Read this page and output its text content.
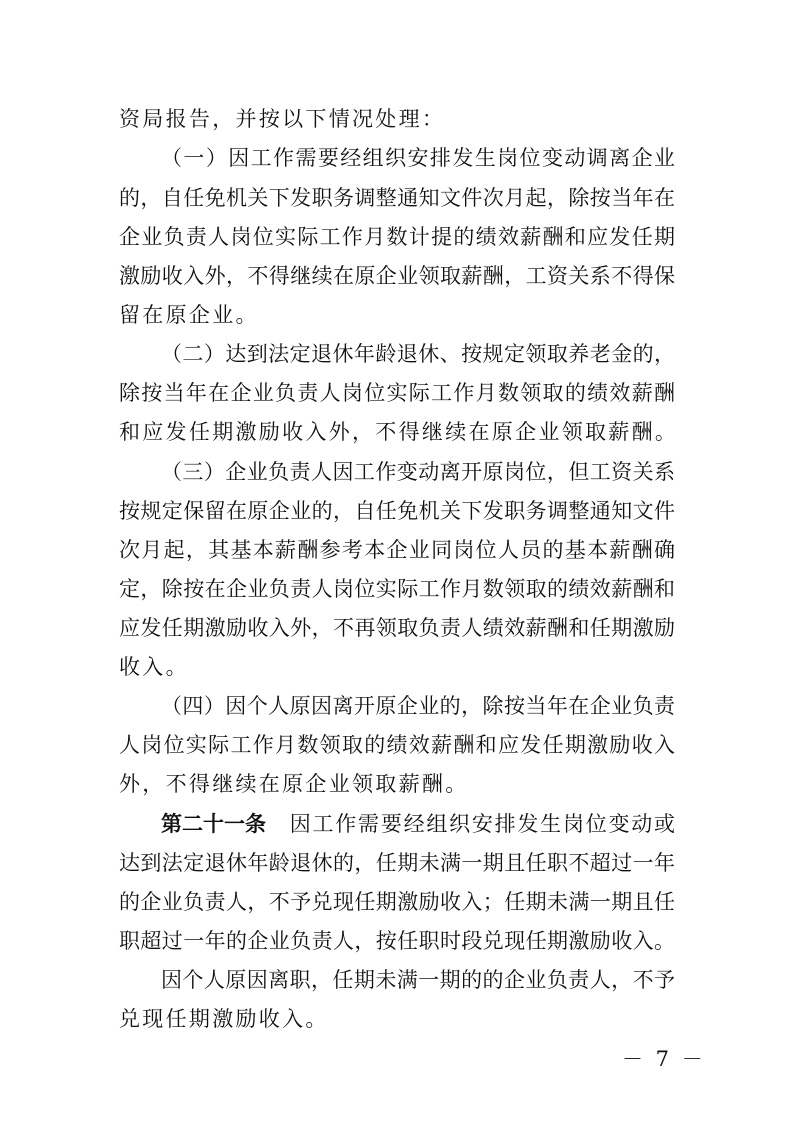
资局报告，并按以下情况处理：
（一）因工作需要经组织安排发生岗位变动调离企业
的，自任免机关下发职务调整通知文件次月起，除按当年在
企业负责人岗位实际工作月数计提的绩效薪酬和应发任期
激励收入外，不得继续在原企业领取薪酬，工资关系不得保
留在原企业。
（二）达到法定退休年龄退休、按规定领取养老金的，
除按当年在企业负责人岗位实际工作月数领取的绩效薪酬
和应发任期激励收入外，不得继续在原企业领取薪酬。
（三）企业负责人因工作变动离开原岗位，但工资关系
按规定保留在原企业的，自任免机关下发职务调整通知文件
次月起，其基本薪酬参考本企业同岗位人员的基本薪酬确
定，除按在企业负责人岗位实际工作月数领取的绩效薪酬和
应发任期激励收入外，不再领取负责人绩效薪酬和任期激励
收入。
（四）因个人原因离开原企业的，除按当年在企业负责
人岗位实际工作月数领取的绩效薪酬和应发任期激励收入
外，不得继续在原企业领取薪酬。
第二十一条 因工作需要经组织安排发生岗位变动或
达到法定退休年龄退休的，任期未满一期且任职不超过一年
的企业负责人，不予兑现任期激励收入；任期未满一期且任
职超过一年的企业负责人，按任职时段兑现任期激励收入。
因个人原因离职，任期未满一期的的企业负责人，不予
兑现任期激励收入。
－ 7 －
